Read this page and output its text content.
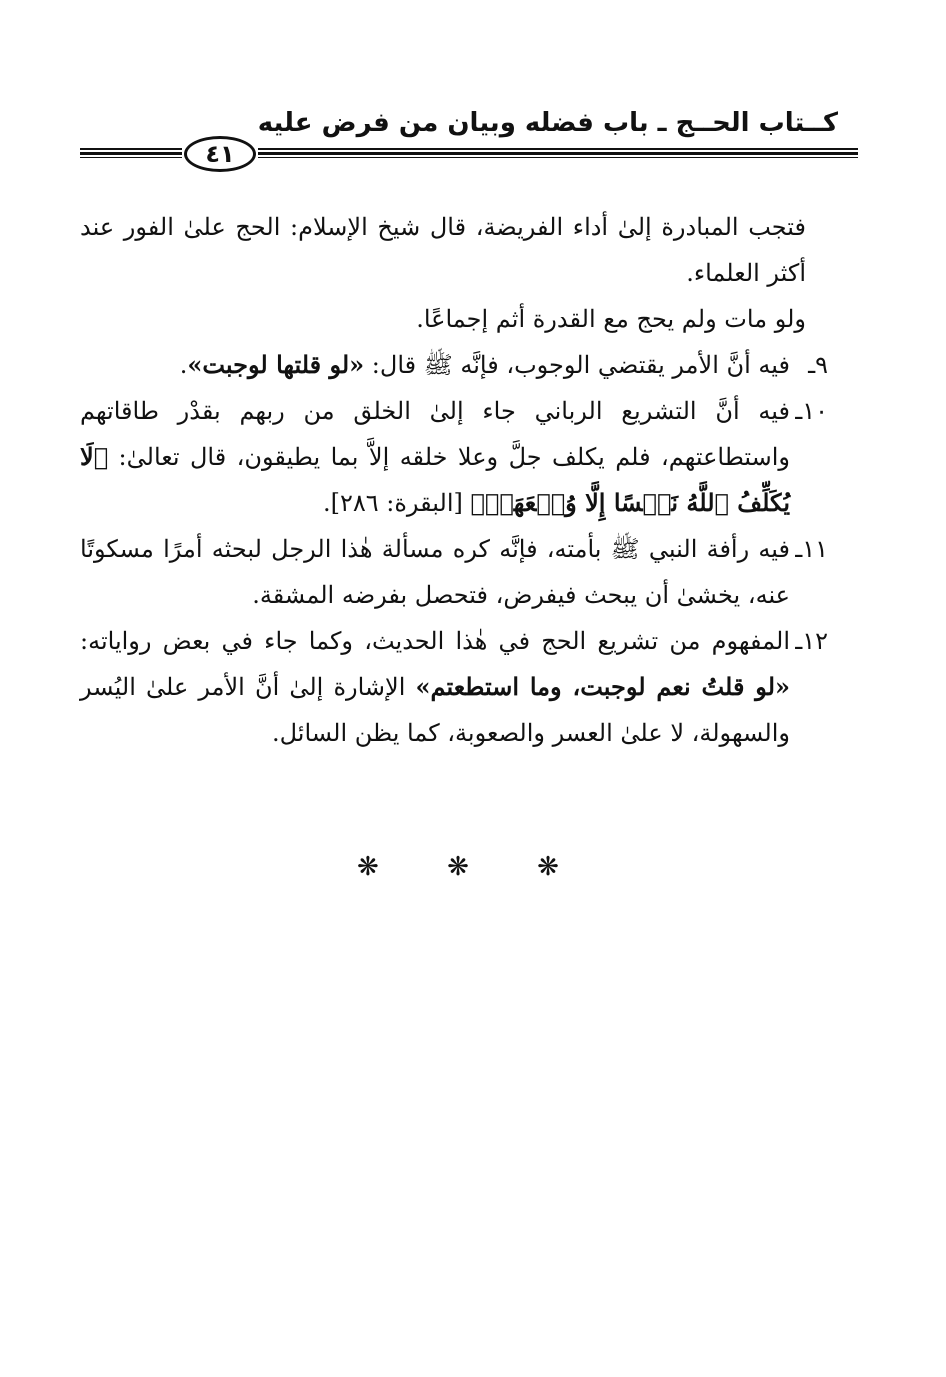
كــتاب الحــج ـ باب فضله وبيان من فرض عليه
٤١

فتجب المبادرة إلىٰ أداء الفريضة، قال شيخ الإسلام: الحج علىٰ الفور عند أكثر العلماء.

ولو مات ولم يحج مع القدرة أثم إجماعًا.

٩ـ
فيه أنَّ الأمر يقتضي الوجوب، فإنَّه ﷺ قال: «لو قلتها لوجبت».
١٠ـ
فيه أنَّ التشريع الرباني جاء إلىٰ الخلق من ربهم بقدْر طاقاتهم واستطاعتهم، فلم يكلف جلَّ وعلا خلقه إلاَّ بما يطيقون، قال تعالىٰ: ﴿لَا يُكَلِّفُ ٱللَّهُ نَفۡسًا إِلَّا وُسۡعَهَاۚ﴾ [البقرة: ٢٨٦].
١١ـ
فيه رأفة النبي ﷺ بأمته، فإنَّه كره مسألة هٰذا الرجل لبحثه أمرًا مسكوتًا عنه، يخشىٰ أن يبحث فيفرض، فتحصل بفرضه المشقة.
١٢ـ
المفهوم من تشريع الحج في هٰذا الحديث، وكما جاء في بعض رواياته: «لو قلتُ نعم لوجبت، وما استطعتم» الإشارة إلىٰ أنَّ الأمر علىٰ اليُسر والسهولة، لا علىٰ العسر والصعوبة، كما يظن السائل.
❋ ❋ ❋
